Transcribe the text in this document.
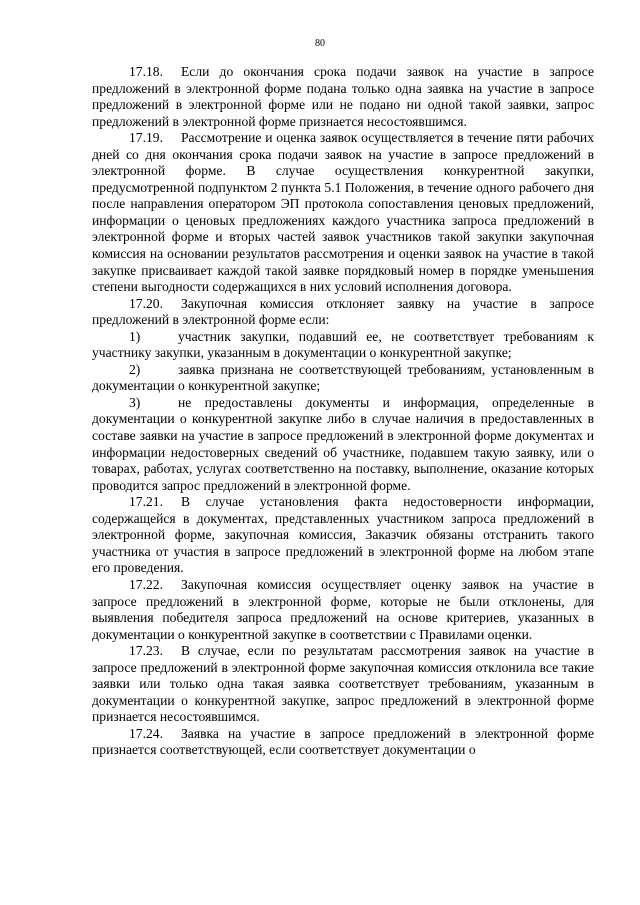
80

17.18. Если до окончания срока подачи заявок на участие в запросе предложений в электронной форме подана только одна заявка на участие в запросе предложений в электронной форме или не подано ни одной такой заявки, запрос предложений в электронной форме признается несостоявшимся.

17.19. Рассмотрение и оценка заявок осуществляется в течение пяти рабочих дней со дня окончания срока подачи заявок на участие в запросе предложений в электронной форме. В случае осуществления конкурентной закупки, предусмотренной подпунктом 2 пункта 5.1 Положения, в течение одного рабочего дня после направления оператором ЭП протокола сопоставления ценовых предложений, информации о ценовых предложениях каждого участника запроса предложений в электронной форме и вторых частей заявок участников такой закупки закупочная комиссия на основании результатов рассмотрения и оценки заявок на участие в такой закупке присваивает каждой такой заявке порядковый номер в порядке уменьшения степени выгодности содержащихся в них условий исполнения договора.

17.20. Закупочная комиссия отклоняет заявку на участие в запросе предложений в электронной форме если:

1)	участник закупки, подавший ее, не соответствует требованиям к участнику закупки, указанным в документации о конкурентной закупке;

2)	заявка признана не соответствующей требованиям, установленным в документации о конкурентной закупке;

3)	не предоставлены документы и информация, определенные в документации о конкурентной закупке либо в случае наличия в предоставленных в составе заявки на участие в запросе предложений в электронной форме документах и информации недостоверных сведений об участнике, подавшем такую заявку, или о товарах, работах, услугах соответственно на поставку, выполнение, оказание которых проводится запрос предложений в электронной форме.

17.21. В случае установления факта недостоверности информации, содержащейся в документах, представленных участником запроса предложений в электронной форме, закупочная комиссия, Заказчик обязаны отстранить такого участника от участия в запросе предложений в электронной форме на любом этапе его проведения.

17.22. Закупочная комиссия осуществляет оценку заявок на участие в запросе предложений в электронной форме, которые не были отклонены, для выявления победителя запроса предложений на основе критериев, указанных в документации о конкурентной закупке в соответствии с Правилами оценки.

17.23. В случае, если по результатам рассмотрения заявок на участие в запросе предложений в электронной форме закупочная комиссия отклонила все такие заявки или только одна такая заявка соответствует требованиям, указанным в документации о конкурентной закупке, запрос предложений в электронной форме признается несостоявшимся.

17.24. Заявка на участие в запросе предложений в электронной форме признается соответствующей, если соответствует документации о
